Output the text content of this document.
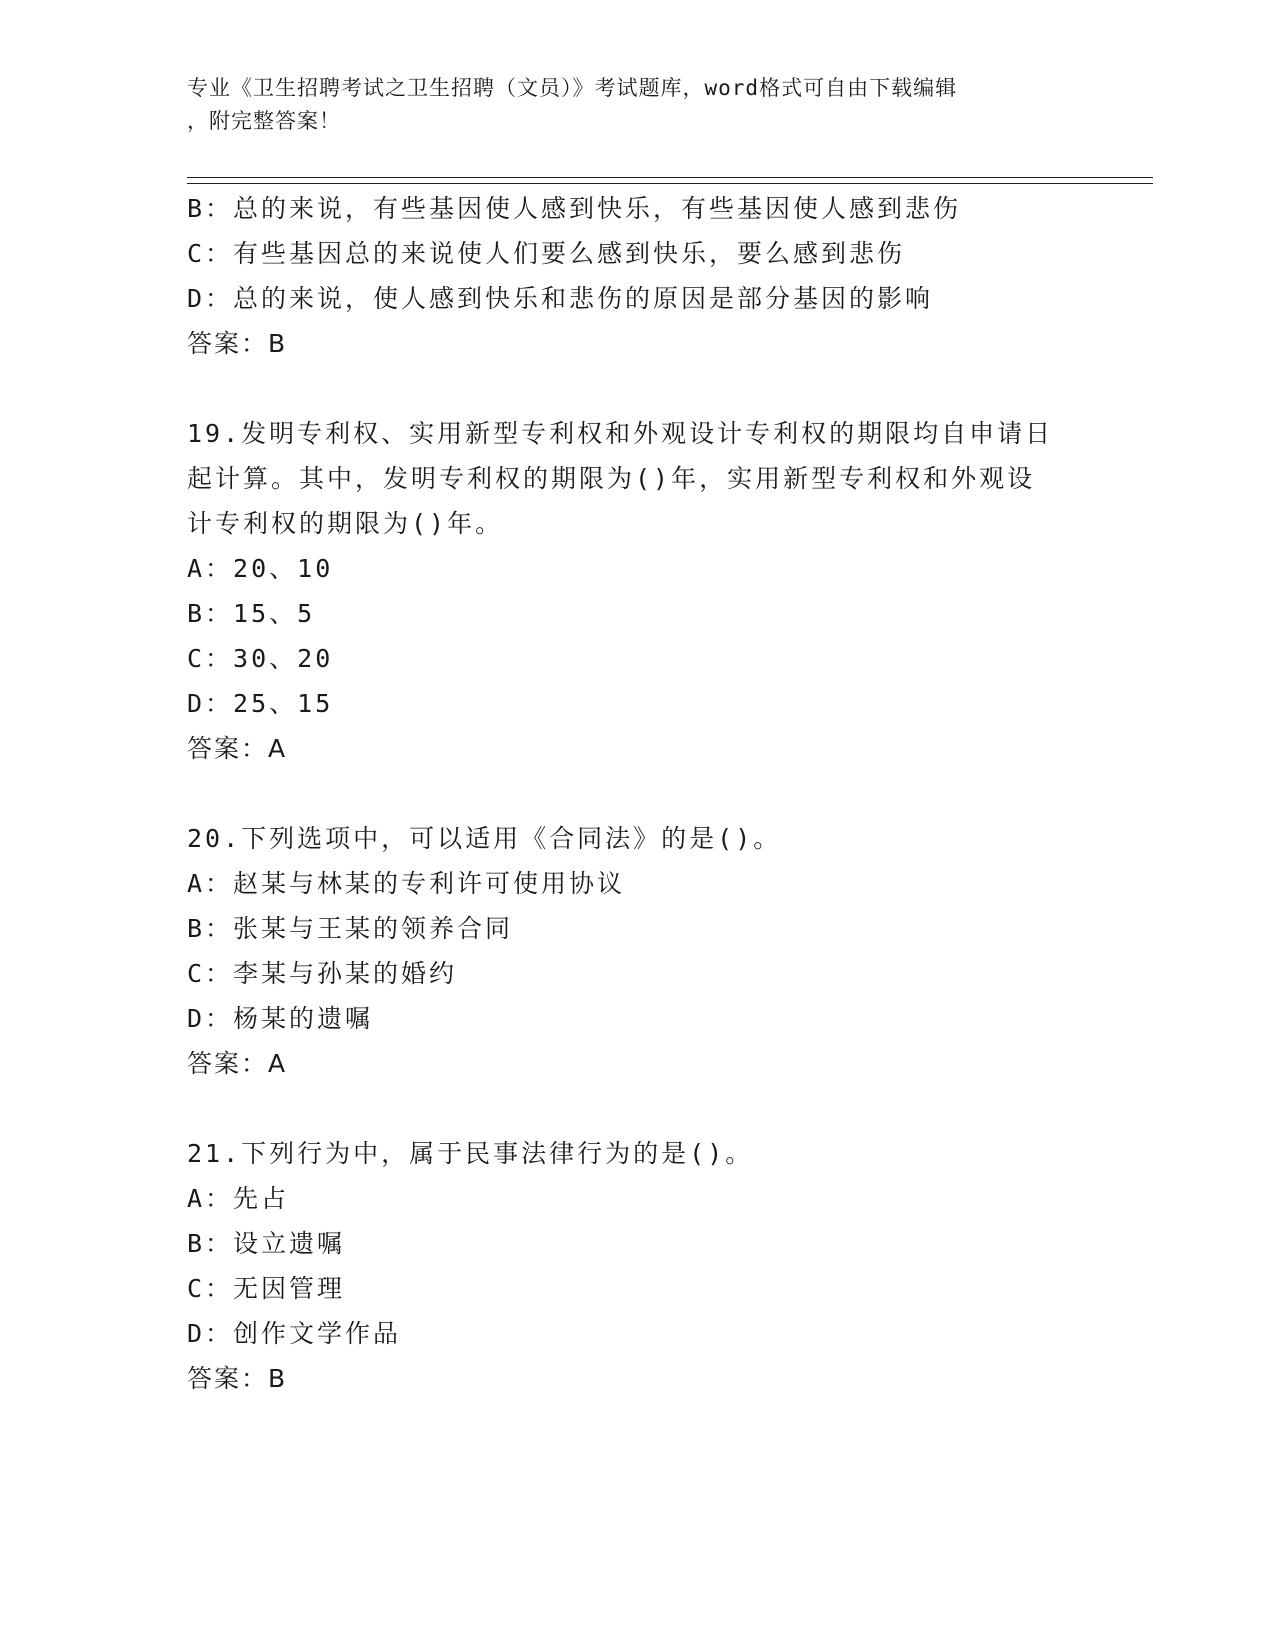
专业《卫生招聘考试之卫生招聘（文员）》考试题库，word格式可自由下载编辑
，附完整答案！
B：总的来说，有些基因使人感到快乐，有些基因使人感到悲伤
C：有些基因总的来说使人们要么感到快乐，要么感到悲伤
D：总的来说，使人感到快乐和悲伤的原因是部分基因的影响
答案：B
19.发明专利权、实用新型专利权和外观设计专利权的期限均自申请日
起计算。其中，发明专利权的期限为()年，实用新型专利权和外观设
计专利权的期限为()年。
A：20、10
B：15、5
C：30、20
D：25、15
答案：A
20.下列选项中，可以适用《合同法》的是()。
A：赵某与林某的专利许可使用协议
B：张某与王某的领养合同
C：李某与孙某的婚约
D：杨某的遗嘱
答案：A
21.下列行为中，属于民事法律行为的是()。
A：先占
B：设立遗嘱
C：无因管理
D：创作文学作品
答案：B
